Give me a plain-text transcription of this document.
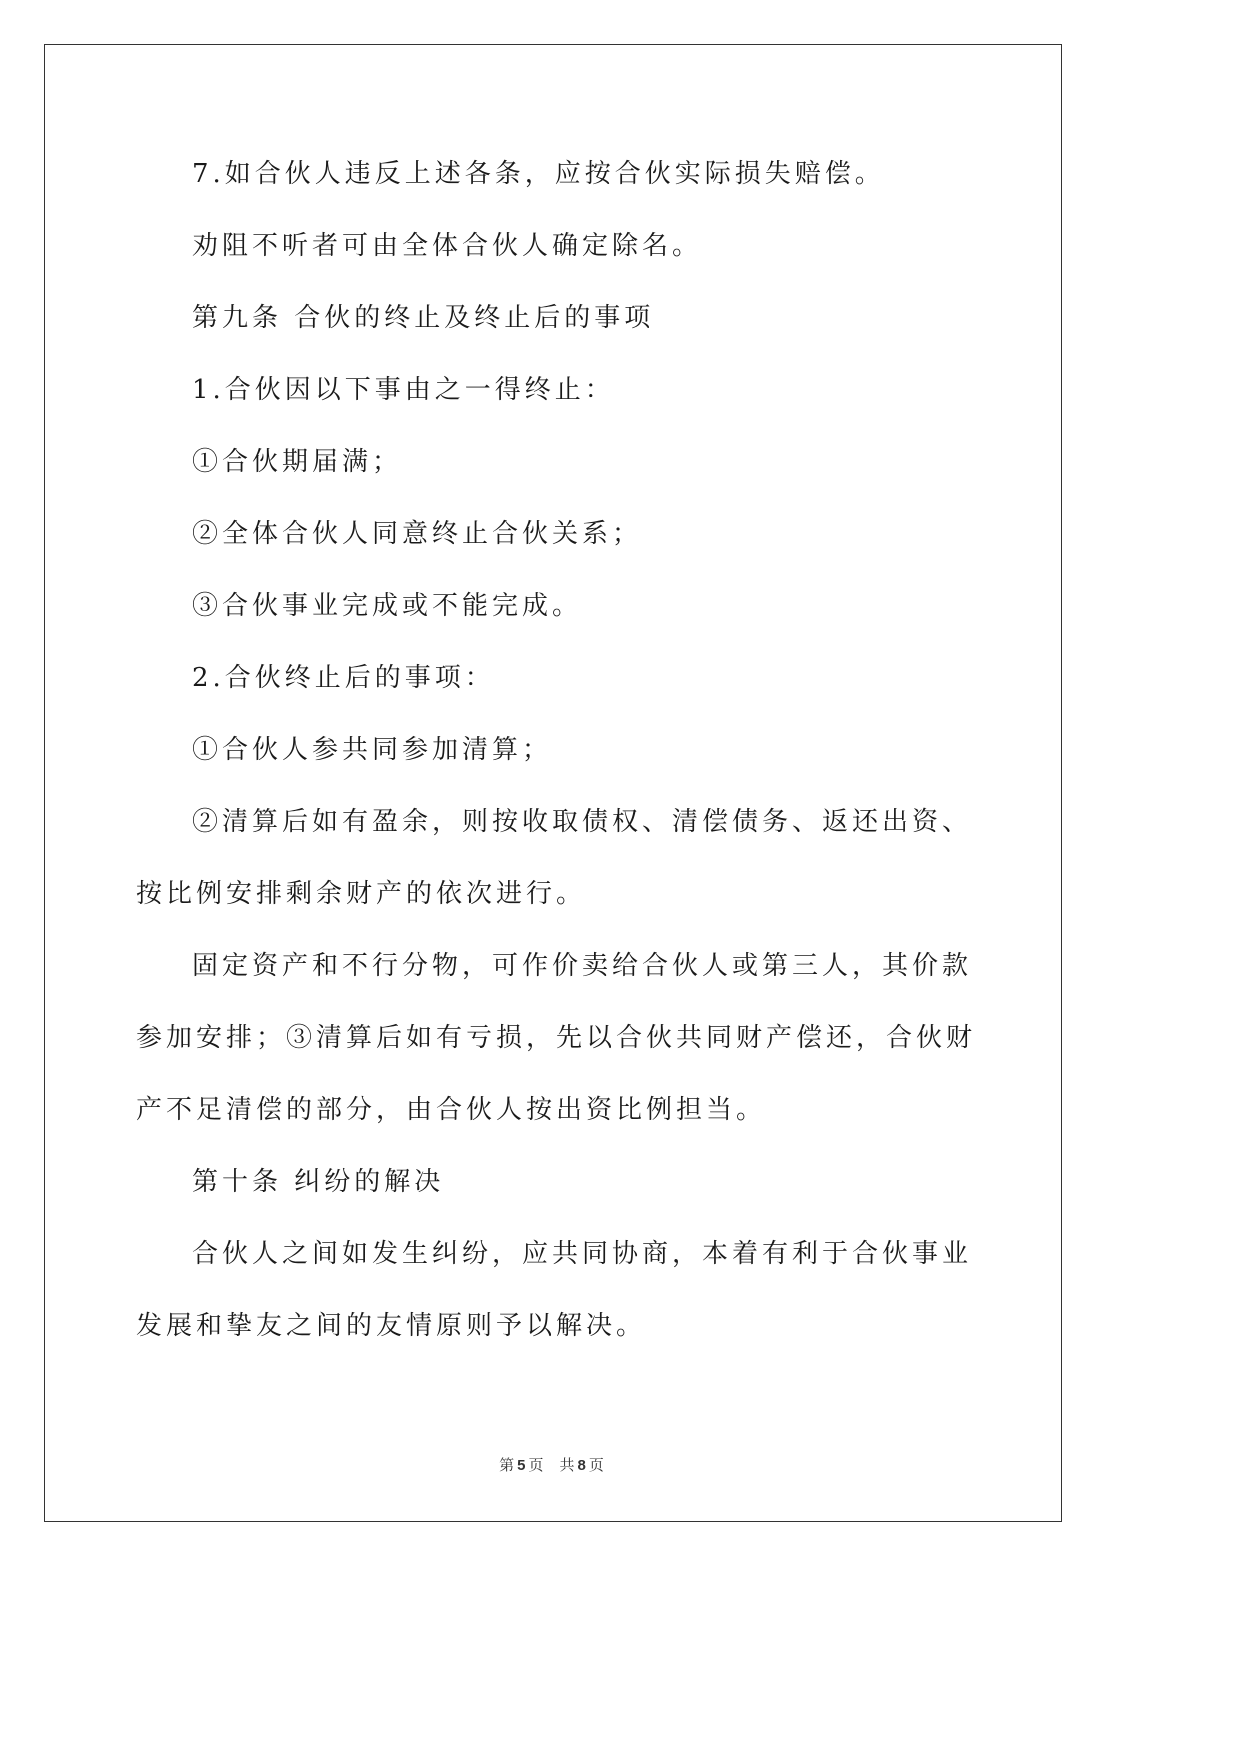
7.如合伙人违反上述各条，应按合伙实际损失赔偿。

劝阻不听者可由全体合伙人确定除名。

第九条 合伙的终止及终止后的事项

1.合伙因以下事由之一得终止：

①合伙期届满；

②全体合伙人同意终止合伙关系；

③合伙事业完成或不能完成。

2.合伙终止后的事项：

①合伙人参共同参加清算；

②清算后如有盈余，则按收取债权、清偿债务、返还出资、按比例安排剩余财产的依次进行。

固定资产和不行分物，可作价卖给合伙人或第三人，其价款参加安排；③清算后如有亏损，先以合伙共同财产偿还，合伙财产不足清偿的部分，由合伙人按出资比例担当。

第十条 纠纷的解决

合伙人之间如发生纠纷，应共同协商，本着有利于合伙事业发展和挚友之间的友情原则予以解决。

第 5 页 共 8 页
